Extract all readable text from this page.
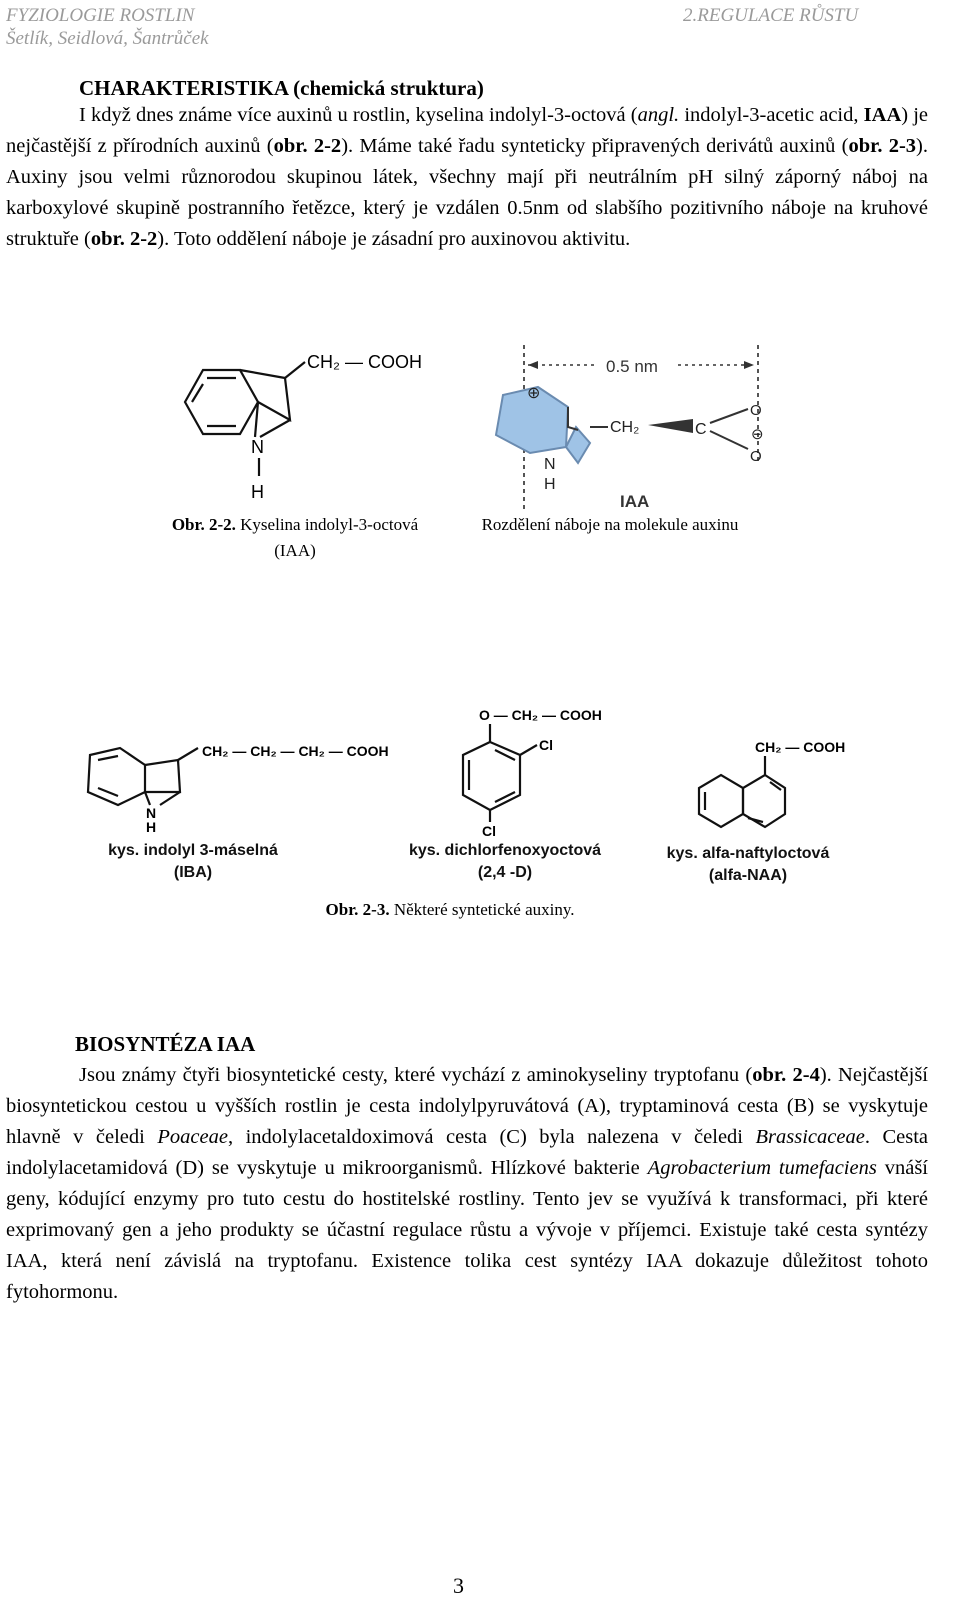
FYZIOLOGIE ROSTLIN
Šetlík, Seidlová, Šantrůček
2.REGULACE RŮSTU
CHARAKTERISTIKA (chemická struktura)

I když dnes známe více auxinů u rostlin, kyselina indolyl-3-octová (angl. indolyl-3-acetic acid, IAA) je nejčastější z přírodních auxinů (obr. 2-2). Máme také řadu synteticky připravených derivátů auxinů (obr. 2-3). Auxiny jsou velmi různorodou skupinou látek, všechny mají při neutrálním pH silný záporný náboj na karboxylové skupině postranního řetězce, který je vzdálen 0.5nm od slabšího pozitivního náboje na kruhové struktuře (obr. 2-2). Toto oddělení náboje je zásadní pro auxinovou aktivitu.

CH₂ — COOH
N
H
0.5 nm
⊕
N
H
CH₂	C
O
O
⊖
IAA
Obr. 2-2. Kyselina indolyl-3-octová (IAA)
Rozdělení náboje na molekule auxinu
CH₂ — CH₂ — CH₂ — COOH
N
H
kys. indolyl 3-máselná
(IBA)
O — CH₂ — COOH
Cl
Cl
kys. dichlorfenoxyoctová
(2,4 -D)
CH₂ — COOH
kys. alfa-naftyloctová
(alfa-NAA)
Obr. 2-3. Některé syntetické auxiny.
BIOSYNTÉZA IAA

Jsou známy čtyři biosyntetické cesty, které vychází z aminokyseliny tryptofanu (obr. 2-4). Nejčastější biosyntetickou cestou u vyšších rostlin je cesta indolylpyruvátová (A), tryptaminová cesta (B) se vyskytuje hlavně v čeledi Poaceae, indolylacetaldoximová cesta (C) byla nalezena v čeledi Brassicaceae. Cesta indolylacetamidová (D) se vyskytuje u mikroorganismů. Hlízkové bakterie Agrobacterium tumefaciens vnáší geny, kódující enzymy pro tuto cestu do hostitelské rostliny. Tento jev se využívá k transformaci, při které exprimovaný gen a jeho produkty se účastní regulace růstu a vývoje v příjemci. Existuje také cesta syntézy IAA, která není závislá na tryptofanu. Existence tolika cest syntézy IAA dokazuje důležitost tohoto fytohormonu.

3
